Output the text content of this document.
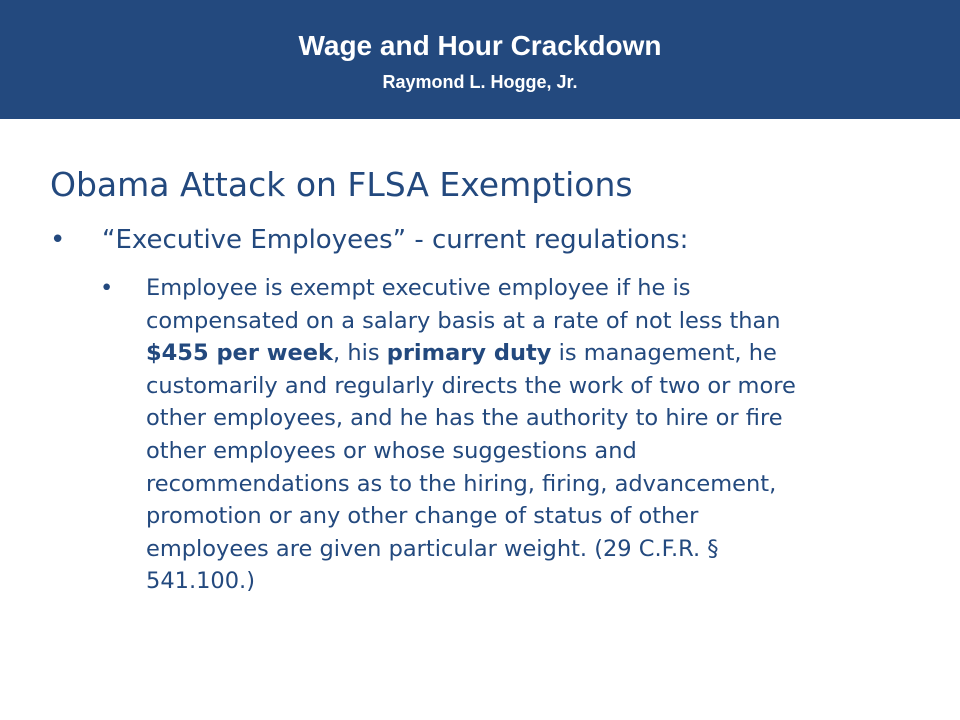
Wage and Hour Crackdown
Raymond L. Hogge, Jr.
Obama Attack on FLSA Exemptions
• “Executive Employees” - current regulations:
• Employee is exempt executive employee if he is
compensated on a salary basis at a rate of not less than
$455 per week, his primary duty is management, he
customarily and regularly directs the work of two or more
other employees, and he has the authority to hire or fire
other employees or whose suggestions and
recommendations as to the hiring, firing, advancement,
promotion or any other change of status of other
employees are given particular weight. (29 C.F.R. §
541.100.)
